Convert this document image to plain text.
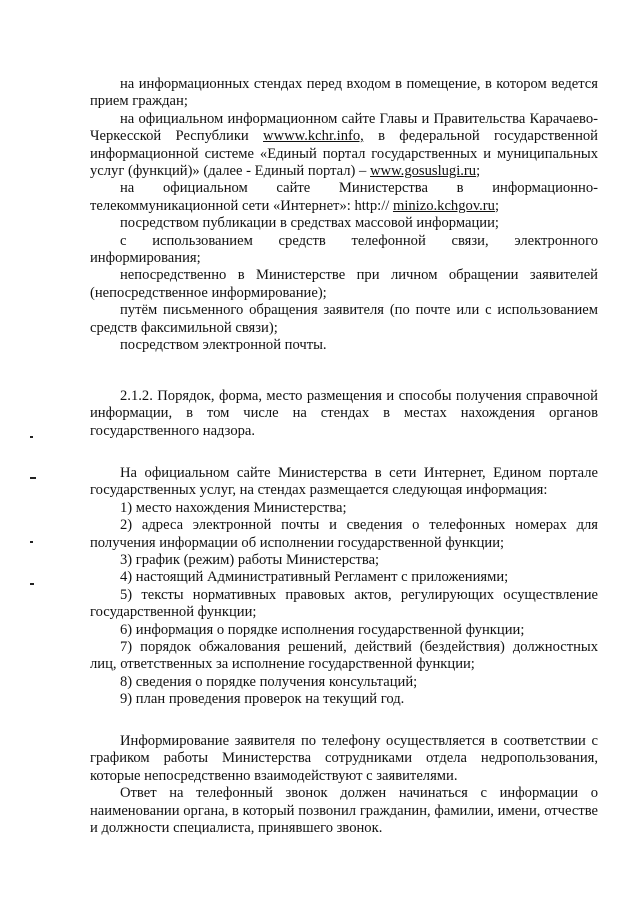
на информационных стендах перед входом в помещение, в котором ведется прием граждан;

на официальном информационном сайте Главы и Правительства Карачаево-Черкесской Республики wwww.kchr.info, в федеральной государственной информационной системе «Единый портал государственных и муниципальных услуг (функций)» (далее - Единый портал) – www.gosuslugi.ru;

на официальном сайте Министерства в информационно-телекоммуникационной сети «Интернет»: http:// minizo.kchgov.ru;

посредством публикации в средствах массовой информации;

с использованием средств телефонной связи, электронного информирования;

непосредственно в Министерстве при личном обращении заявителей (непосредственное информирование);

путём письменного обращения заявителя (по почте или с использованием средств факсимильной связи);

посредством электронной почты.

2.1.2. Порядок, форма, место размещения и способы получения справочной информации, в том числе на стендах в местах нахождения органов государственного надзора.

На официальном сайте Министерства в сети Интернет, Едином портале государственных услуг, на стендах размещается следующая информация:

1) место нахождения Министерства;

2) адреса электронной почты и сведения о телефонных номерах для получения информации об исполнении государственной функции;

3) график (режим) работы Министерства;

4) настоящий Административный Регламент с приложениями;

5) тексты нормативных правовых актов, регулирующих осуществление государственной функции;

6) информация о порядке исполнения государственной функции;

7) порядок обжалования решений, действий (бездействия) должностных лиц, ответственных за исполнение государственной функции;

8) сведения о порядке получения консультаций;

9) план проведения проверок на текущий год.

Информирование заявителя по телефону осуществляется в соответствии с графиком работы Министерства сотрудниками отдела недропользования, которые непосредственно взаимодействуют с заявителями.

Ответ на телефонный звонок должен начинаться с информации о наименовании органа, в который позвонил гражданин, фамилии, имени, отчестве и должности специалиста, принявшего звонок.
